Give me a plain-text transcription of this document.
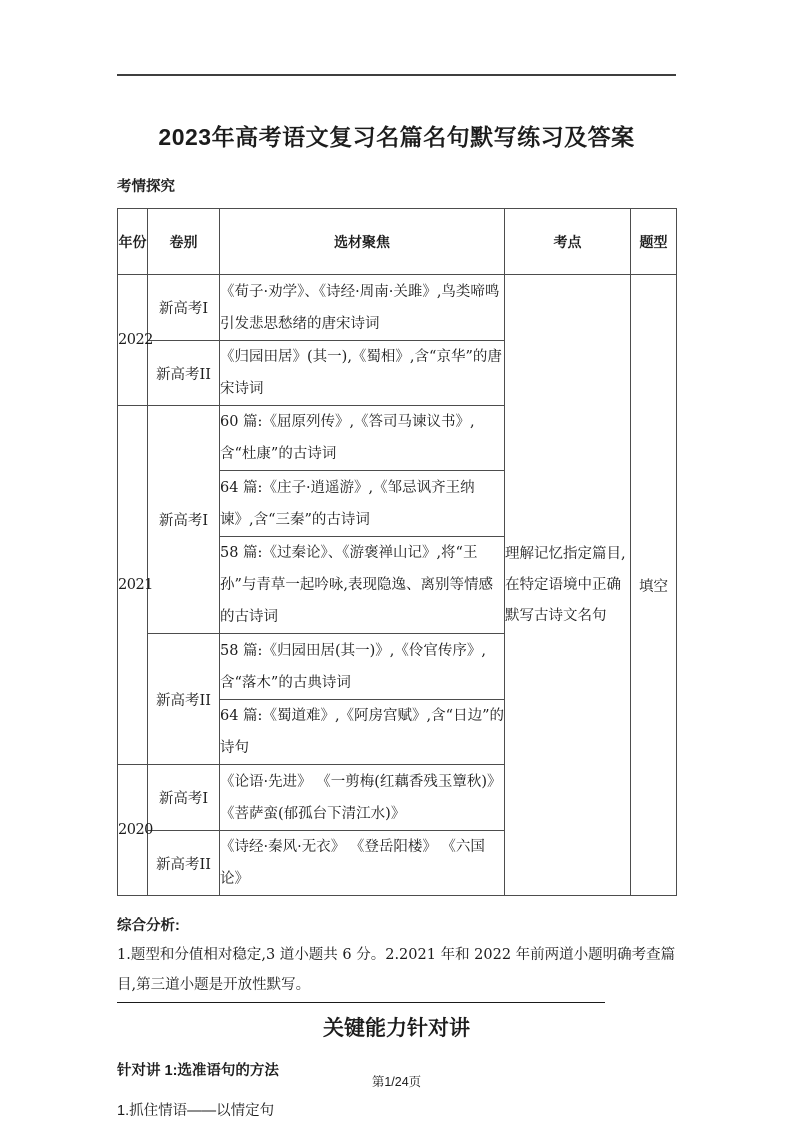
2023年高考语文复习名篇名句默写练习及答案
考情探究
年份	卷别	选材聚焦	考点	题型
2022	新高考I	《荀子·劝学》、《诗经·周南·关雎》,鸟类啼鸣引发悲思愁绪的唐宋诗词	理解记忆指定篇目,在特定语境中正确默写古诗文名句	填空
	新高考II	《归园田居》(其一),《蜀相》,含“京华”的唐宋诗词		
2021	新高考I	60 篇:《屈原列传》,《答司马谏议书》,含“杜康”的古诗词		
		64 篇:《庄子·逍遥游》,《邹忌讽齐王纳谏》,含“三秦”的古诗词		
		58 篇:《过秦论》、《游褒禅山记》,将“王孙”与青草一起吟咏,表现隐逸、离别等情感的古诗词		
	新高考II	58 篇:《归园田居(其一)》,《伶官传序》,含“落木”的古典诗词		
		64 篇:《蜀道难》,《阿房宫赋》,含“日边”的诗句		
2020	新高考I	《论语·先进》 《一剪梅(红藕香残玉簟秋)》 《菩萨蛮(郁孤台下清江水)》		
	新高考II	《诗经·秦风·无衣》 《登岳阳楼》 《六国论》		
综合分析:
1.题型和分值相对稳定,3 道小题共 6 分。2.2021 年和 2022 年前两道小题明确考查篇目,第三道小题是开放性默写。
关键能力针对讲
针对讲 1:选准语句的方法
1.抓住情语——以情定句
第1/24页
